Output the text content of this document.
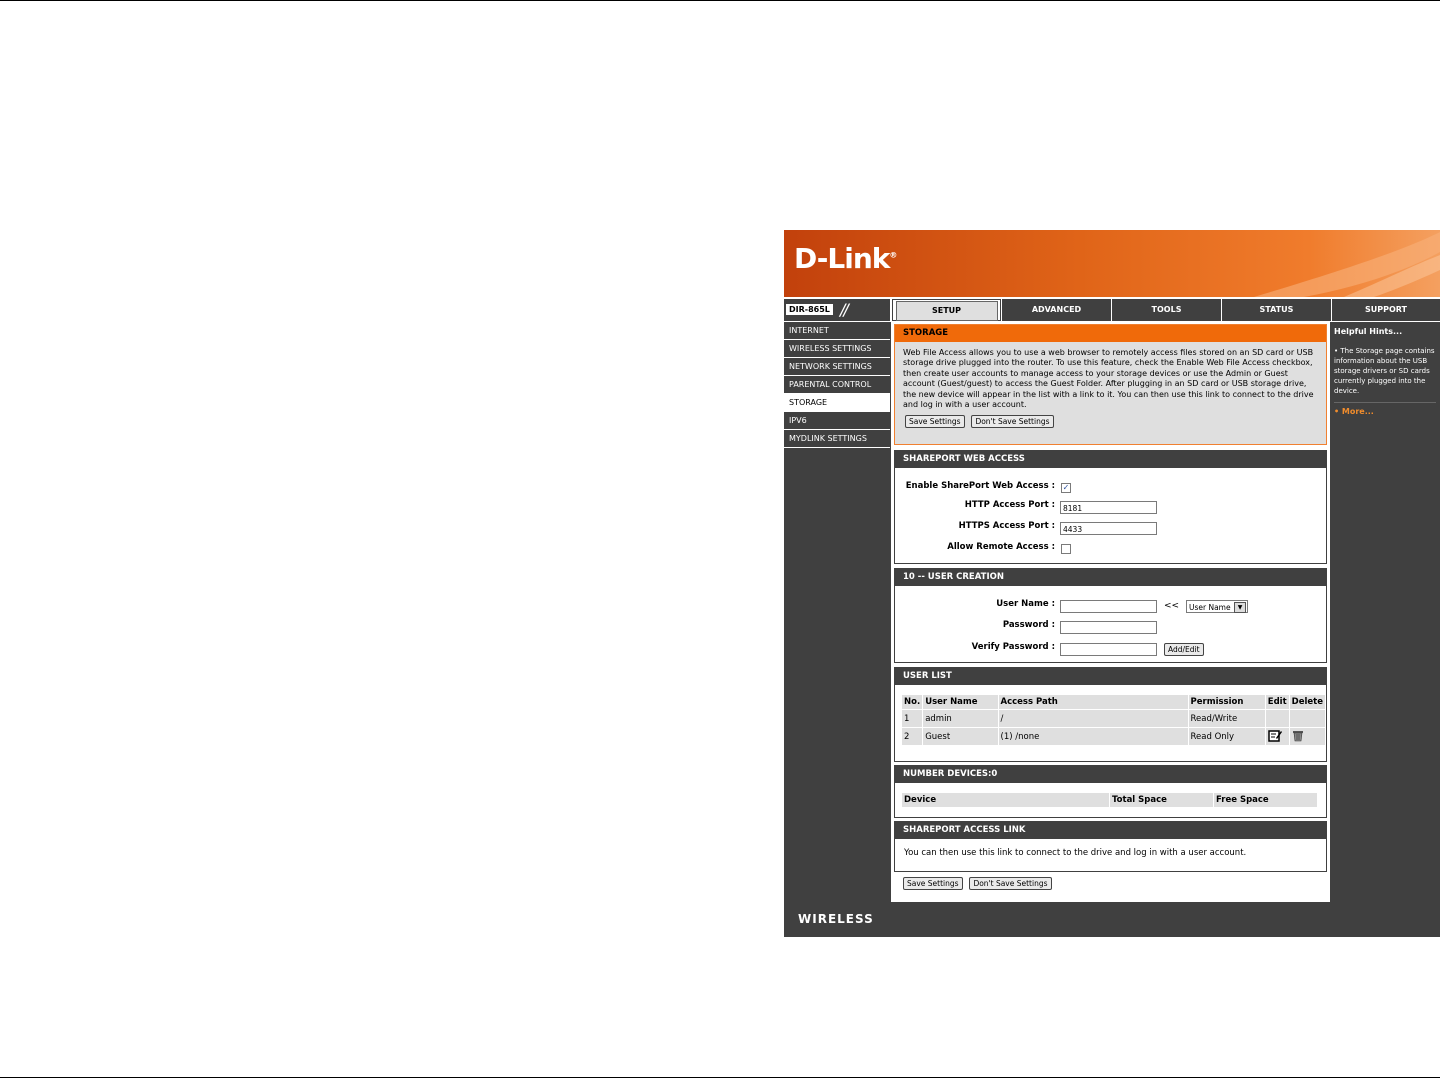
D-Link®
DIR-865L //	SETUP	ADVANCED	TOOLS	STATUS	SUPPORT
INTERNET
WIRELESS SETTINGS
NETWORK SETTINGS
PARENTAL CONTROL
STORAGE
IPV6
MYDLINK SETTINGS
STORAGE
Web File Access allows you to use a web browser to remotely access files stored on an SD card or USB storage drive plugged into the router. To use this feature, check the Enable Web File Access checkbox, then create user accounts to manage access to your storage devices or use the Admin or Guest account (Guest/guest) to access the Guest Folder. After plugging in an SD card or USB storage drive, the new device will appear in the list with a link to it. You can then use this link to connect to the drive and log in with a user account.
Save Settings Don't Save Settings
SHAREPORT WEB ACCESS
Enable SharePort Web Access : ✓
HTTP Access Port :	8181
HTTPS Access Port :	4433
Allow Remote Access :
10 -- USER CREATION
User Name :	<<	User Name	▼
Password :
Verify Password :	Add/Edit
USER LIST
No.	User Name	Access Path	Permission	Edit	Delete
1	admin	/	Read/Write		
2	Guest	(1) /none	Read Only		
NUMBER DEVICES:0
Device	Total Space	Free Space
SHAREPORT ACCESS LINK
You can then use this link to connect to the drive and log in with a user account.
Save Settings Don't Save Settings
Helpful Hints...
• The Storage page contains information about the USB storage drivers or SD cards currently plugged into the device.
• More...
WIRELESS
